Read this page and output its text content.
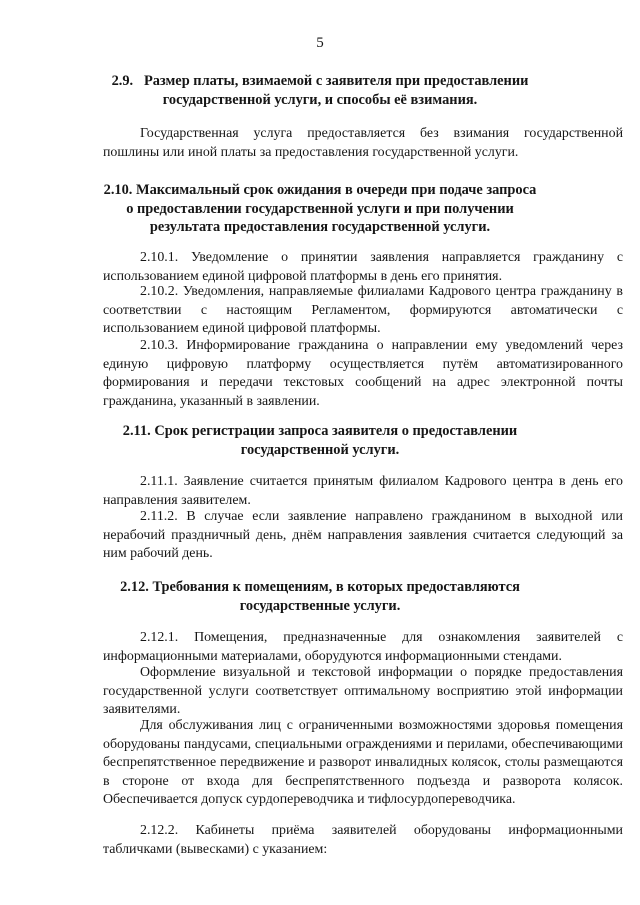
5
2.9.   Размер платы, взимаемой с заявителя при предоставлении государственной услуги, и способы её взимания.
Государственная услуга предоставляется без взимания государственной пошлины или иной платы за предоставления государственной услуги.
2.10. Максимальный срок ожидания в очереди при подаче запроса о предоставлении государственной услуги и при получении результата предоставления государственной услуги.
2.10.1. Уведомление о принятии заявления направляется гражданину с использованием единой цифровой платформы в день его принятия.
2.10.2. Уведомления, направляемые филиалами Кадрового центра гражданину в соответствии с настоящим Регламентом, формируются автоматически с использованием единой цифровой платформы.
2.10.3. Информирование гражданина о направлении ему уведомлений через единую цифровую платформу осуществляется путём автоматизированного формирования и передачи текстовых сообщений на адрес электронной почты гражданина, указанный в заявлении.
2.11. Срок регистрации запроса заявителя о предоставлении государственной услуги.
2.11.1. Заявление считается принятым филиалом Кадрового центра в день его направления заявителем.
2.11.2. В случае если заявление направлено гражданином в выходной или нерабочий праздничный день, днём направления заявления считается следующий за ним рабочий день.
2.12. Требования к помещениям, в которых предоставляются государственные услуги.
2.12.1. Помещения, предназначенные для ознакомления заявителей с информационными материалами, оборудуются информационными стендами.
Оформление визуальной и текстовой информации о порядке предоставления государственной услуги соответствует оптимальному восприятию этой информации заявителями.
Для обслуживания лиц с ограниченными возможностями здоровья помещения оборудованы пандусами, специальными ограждениями и перилами, обеспечивающими беспрепятственное передвижение и разворот инвалидных колясок, столы размещаются в стороне от входа для беспрепятственного подъезда и разворота колясок. Обеспечивается допуск сурдопереводчика и тифлосурдопереводчика.
2.12.2. Кабинеты приёма заявителей оборудованы информационными табличками (вывесками) с указанием:
